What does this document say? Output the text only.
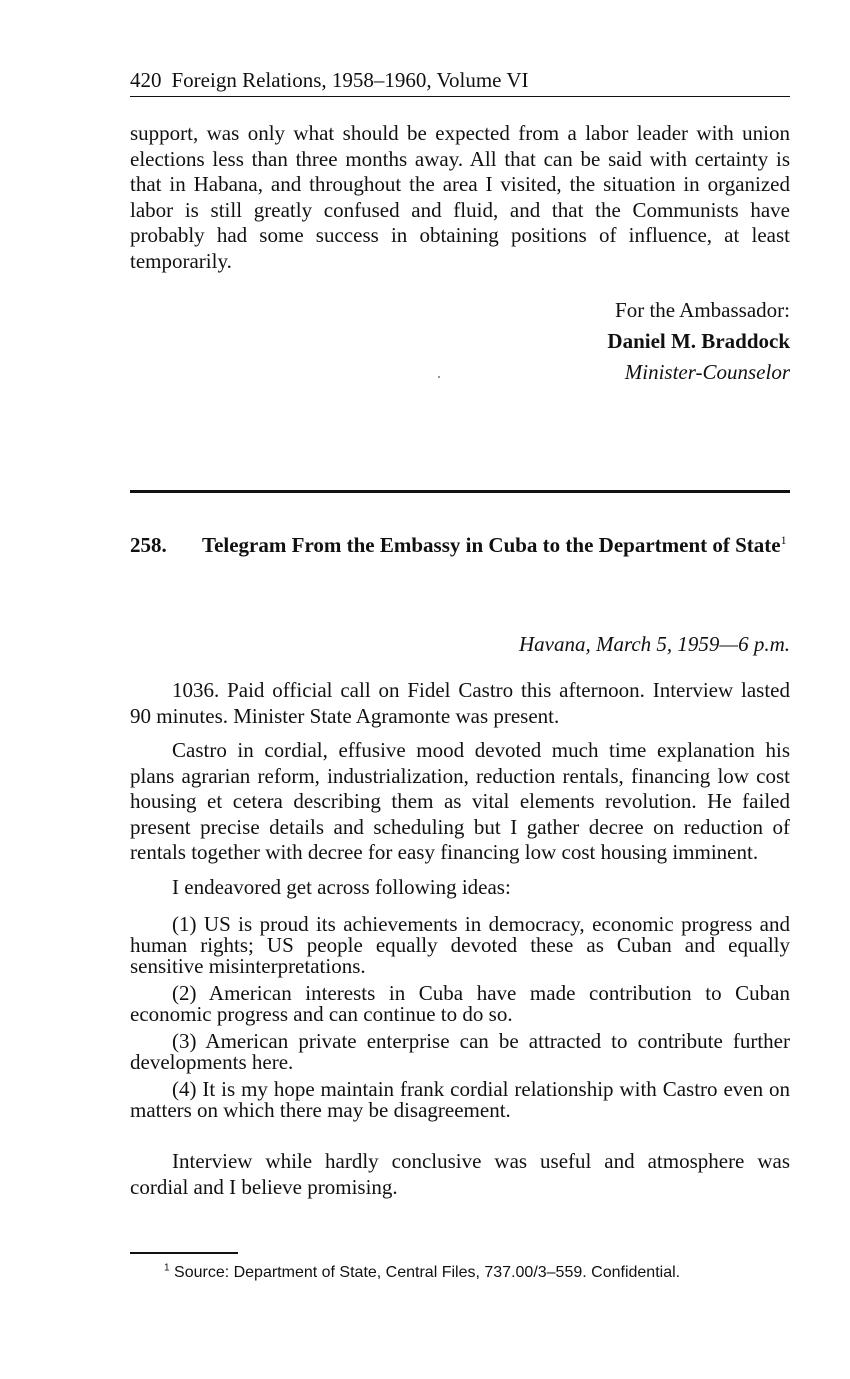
420 Foreign Relations, 1958–1960, Volume VI
support, was only what should be expected from a labor leader with union elections less than three months away. All that can be said with certainty is that in Habana, and throughout the area I visited, the situation in organized labor is still greatly confused and fluid, and that the Communists have probably had some success in obtaining positions of influence, at least temporarily.
For the Ambassador:
Daniel M. Braddock
Minister-Counselor
258. Telegram From the Embassy in Cuba to the Department of State$^1$
Havana, March 5, 1959—6 p.m.

1036. Paid official call on Fidel Castro this afternoon. Interview lasted 90 minutes. Minister State Agramonte was present.

Castro in cordial, effusive mood devoted much time explanation his plans agrarian reform, industrialization, reduction rentals, financing low cost housing et cetera describing them as vital elements revolution. He failed present precise details and scheduling but I gather decree on reduction of rentals together with decree for easy financing low cost housing imminent.

I endeavored get across following ideas:

(1) US is proud its achievements in democracy, economic progress and human rights; US people equally devoted these as Cuban and equally sensitive misinterpretations.

(2) American interests in Cuba have made contribution to Cuban economic progress and can continue to do so.

(3) American private enterprise can be attracted to contribute further developments here.

(4) It is my hope maintain frank cordial relationship with Castro even on matters on which there may be disagreement.

Interview while hardly conclusive was useful and atmosphere was cordial and I believe promising.

$^1$ Source: Department of State, Central Files, 737.00/3–559. Confidential.
